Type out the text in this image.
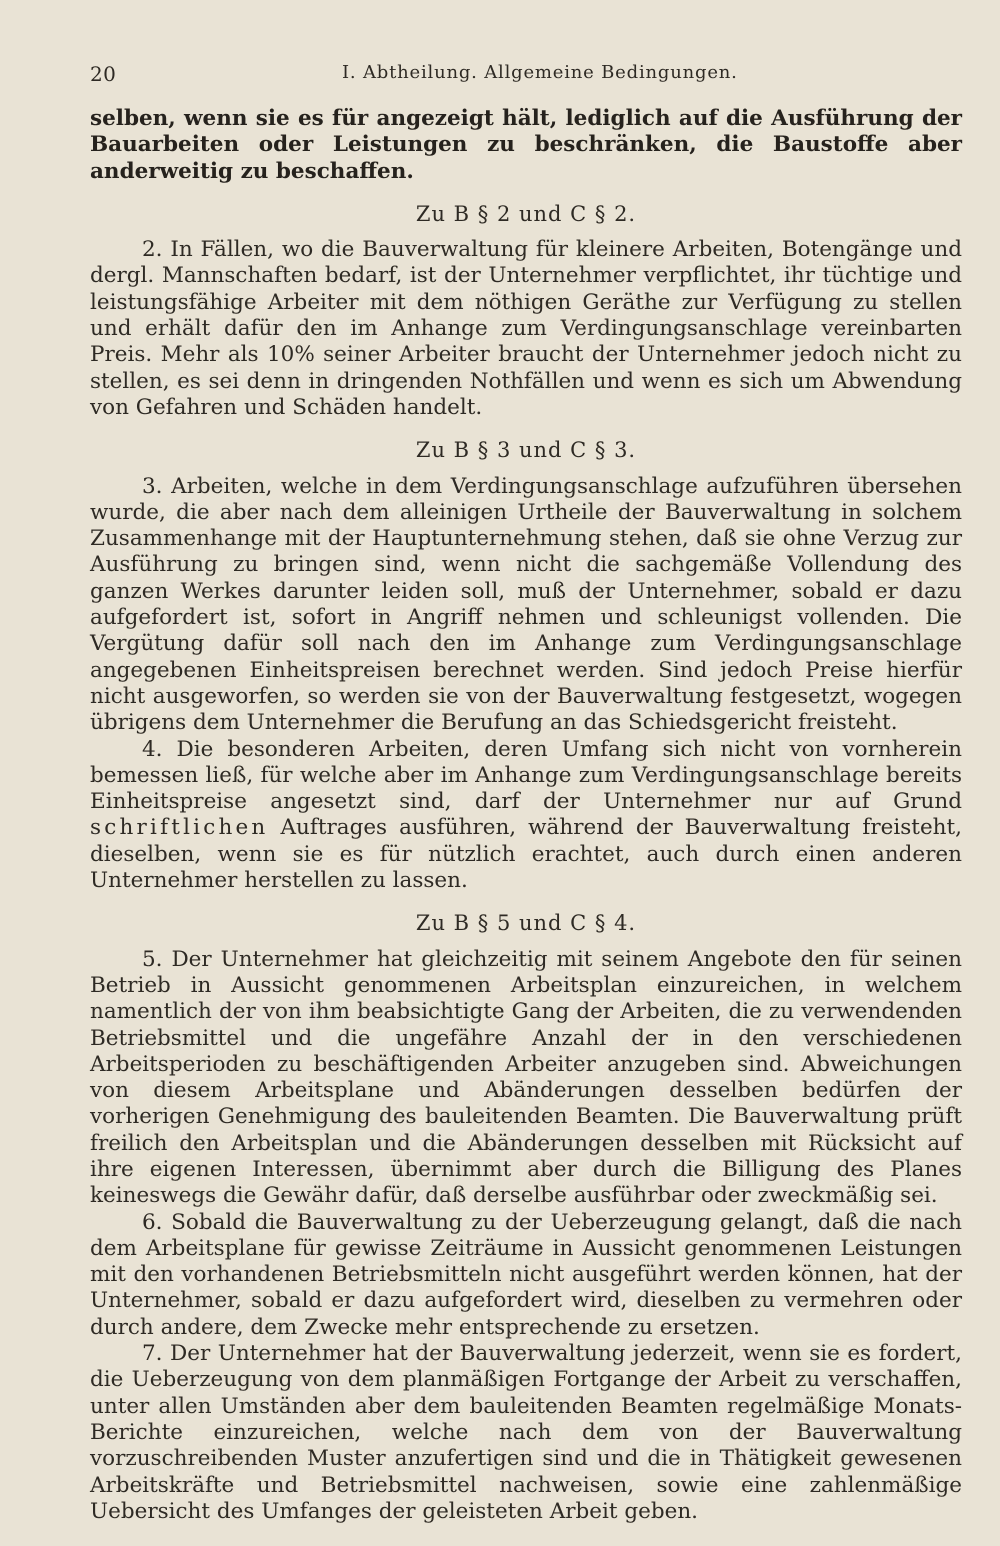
20	I. Abtheilung. Allgemeine Bedingungen.

selben, wenn sie es für angezeigt hält, lediglich auf die Ausführung der Bauarbeiten oder Leistungen zu beschränken, die Baustoffe aber anderweitig zu beschaffen.

Zu B § 2 und C § 2.

2. In Fällen, wo die Bauverwaltung für kleinere Arbeiten, Botengänge und dergl. Mannschaften bedarf, ist der Unternehmer verpflichtet, ihr tüchtige und leistungsfähige Arbeiter mit dem nöthigen Geräthe zur Verfügung zu stellen und erhält dafür den im Anhange zum Verdingungsanschlage vereinbarten Preis. Mehr als 10% seiner Arbeiter braucht der Unternehmer jedoch nicht zu stellen, es sei denn in dringenden Nothfällen und wenn es sich um Abwendung von Gefahren und Schäden handelt.

Zu B § 3 und C § 3.

3. Arbeiten, welche in dem Verdingungsanschlage aufzuführen übersehen wurde, die aber nach dem alleinigen Urtheile der Bauverwaltung in solchem Zusammenhange mit der Hauptunternehmung stehen, daß sie ohne Verzug zur Ausführung zu bringen sind, wenn nicht die sachgemäße Vollendung des ganzen Werkes darunter leiden soll, muß der Unternehmer, sobald er dazu aufgefordert ist, sofort in Angriff nehmen und schleunigst vollenden. Die Vergütung dafür soll nach den im Anhange zum Verdingungsanschlage angegebenen Einheitspreisen berechnet werden. Sind jedoch Preise hierfür nicht ausgeworfen, so werden sie von der Bauverwaltung festgesetzt, wogegen übrigens dem Unternehmer die Berufung an das Schiedsgericht freisteht.

4. Die besonderen Arbeiten, deren Umfang sich nicht von vornherein bemessen ließ, für welche aber im Anhange zum Verdingungsanschlage bereits Einheitspreise angesetzt sind, darf der Unternehmer nur auf Grund schriftlichen Auftrages ausführen, während der Bauverwaltung freisteht, dieselben, wenn sie es für nützlich erachtet, auch durch einen anderen Unternehmer herstellen zu lassen.

Zu B § 5 und C § 4.

5. Der Unternehmer hat gleichzeitig mit seinem Angebote den für seinen Betrieb in Aussicht genommenen Arbeitsplan einzureichen, in welchem namentlich der von ihm beabsichtigte Gang der Arbeiten, die zu verwendenden Betriebsmittel und die ungefähre Anzahl der in den verschiedenen Arbeitsperioden zu beschäftigenden Arbeiter anzugeben sind. Abweichungen von diesem Arbeitsplane und Abänderungen desselben bedürfen der vorherigen Genehmigung des bauleitenden Beamten. Die Bauverwaltung prüft freilich den Arbeitsplan und die Abänderungen desselben mit Rücksicht auf ihre eigenen Interessen, übernimmt aber durch die Billigung des Planes keineswegs die Gewähr dafür, daß derselbe ausführbar oder zweckmäßig sei.

6. Sobald die Bauverwaltung zu der Ueberzeugung gelangt, daß die nach dem Arbeitsplane für gewisse Zeiträume in Aussicht genommenen Leistungen mit den vorhandenen Betriebsmitteln nicht ausgeführt werden können, hat der Unternehmer, sobald er dazu aufgefordert wird, dieselben zu vermehren oder durch andere, dem Zwecke mehr entsprechende zu ersetzen.

7. Der Unternehmer hat der Bauverwaltung jederzeit, wenn sie es fordert, die Ueberzeugung von dem planmäßigen Fortgange der Arbeit zu verschaffen, unter allen Umständen aber dem bauleitenden Beamten regelmäßige Monats-Berichte einzureichen, welche nach dem von der Bauverwaltung vorzuschreibenden Muster anzufertigen sind und die in Thätigkeit gewesenen Arbeitskräfte und Betriebsmittel nachweisen, sowie eine zahlenmäßige Uebersicht des Umfanges der geleisteten Arbeit geben.
